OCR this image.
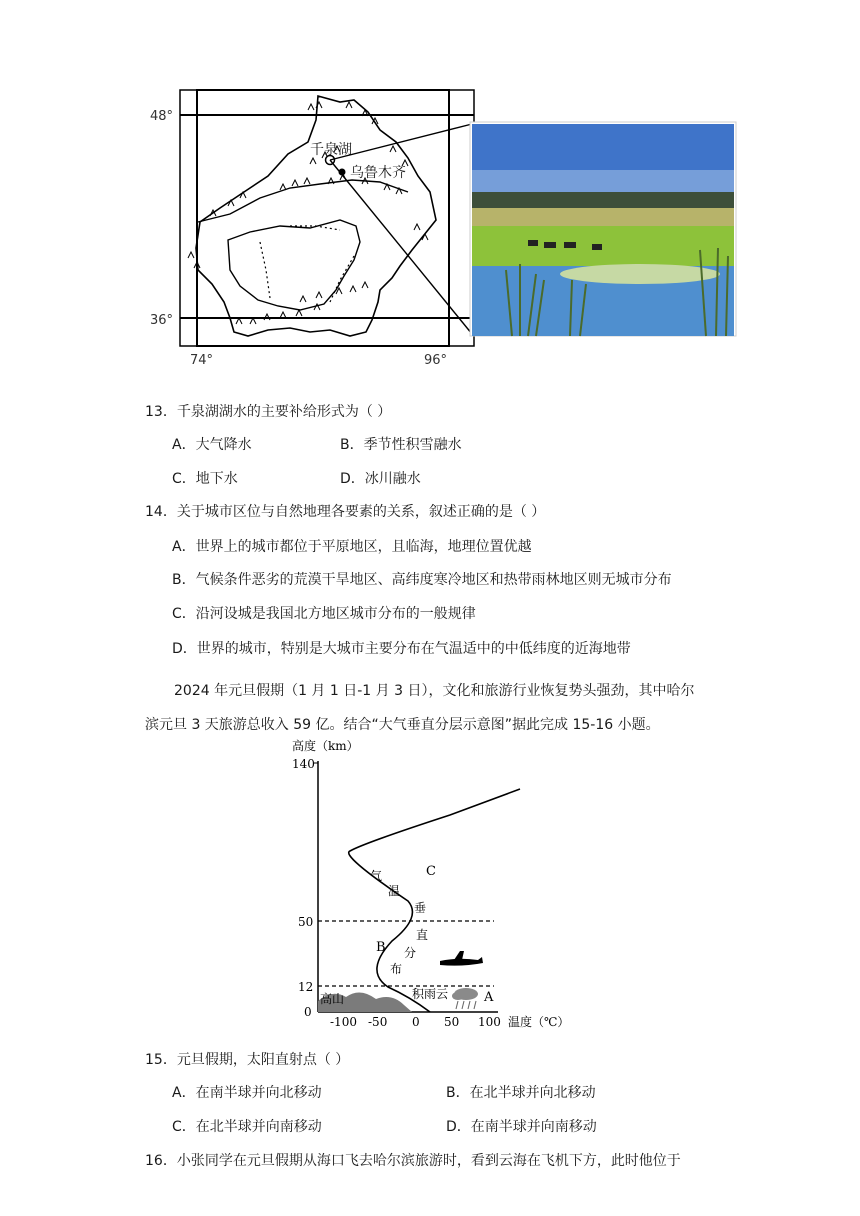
千泉湖
乌鲁木齐
48°
36°
74°	96°
13．千泉湖湖水的主要补给形式为（ ）
A．大气降水	B．季节性积雪融水
C．地下水	D．冰川融水
14．关于城市区位与自然地理各要素的关系，叙述正确的是（ ）
A．世界上的城市都位于平原地区，且临海，地理位置优越
B．气候条件恶劣的荒漠干旱地区、高纬度寒冷地区和热带雨林地区则无城市分布
C．沿河设城是我国北方地区城市分布的一般规律
D．世界的城市，特别是大城市主要分布在气温适中的中低纬度的近海地带
2024 年元旦假期（1 月 1 日-1 月 3 日），文化和旅游行业恢复势头强劲，其中哈尔
滨元旦 3 天旅游总收入 59 亿。结合“大气垂直分层示意图”据此完成 15-16 小题。
高度（km）
140
50
12
0
-100 -50 0 50 100 温度（℃）
高山
气
温
垂
直
分
布
C
B
A
积雨云
15．元旦假期，太阳直射点（ ）
A．在南半球并向北移动	B．在北半球并向北移动
C．在北半球并向南移动	D．在南半球并向南移动
16．小张同学在元旦假期从海口飞去哈尔滨旅游时，看到云海在飞机下方，此时他位于
